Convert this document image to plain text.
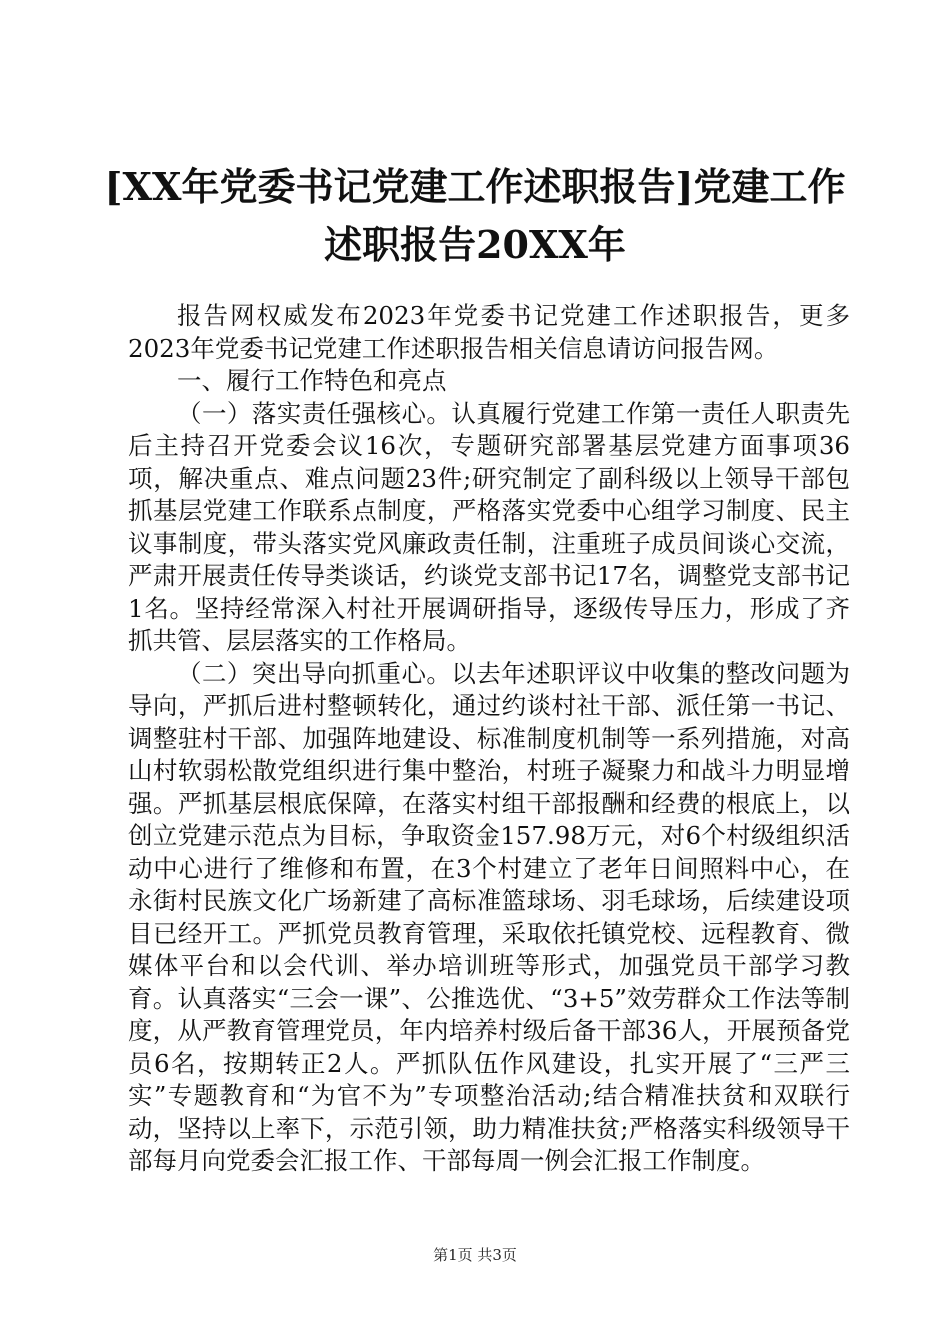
[XX年党委书记党建工作述职报告]党建工作
述职报告20XX年

报告网权威发布2023年党委书记党建工作述职报告，更多2023年党委书记党建工作述职报告相关信息请访问报告网。

一、履行工作特色和亮点

（一）落实责任强核心。认真履行党建工作第一责任人职责先后主持召开党委会议16次，专题研究部署基层党建方面事项36项，解决重点、难点问题23件;研究制定了副科级以上领导干部包抓基层党建工作联系点制度，严格落实党委中心组学习制度、民主议事制度，带头落实党风廉政责任制，注重班子成员间谈心交流，严肃开展责任传导类谈话，约谈党支部书记17名，调整党支部书记1名。坚持经常深入村社开展调研指导，逐级传导压力，形成了齐抓共管、层层落实的工作格局。

（二）突出导向抓重心。以去年述职评议中收集的整改问题为导向，严抓后进村整顿转化，通过约谈村社干部、派任第一书记、调整驻村干部、加强阵地建设、标准制度机制等一系列措施，对高山村软弱松散党组织进行集中整治，村班子凝聚力和战斗力明显增强。严抓基层根底保障，在落实村组干部报酬和经费的根底上，以创立党建示范点为目标，争取资金157.98万元，对6个村级组织活动中心进行了维修和布置，在3个村建立了老年日间照料中心，在永街村民族文化广场新建了高标准篮球场、羽毛球场，后续建设项目已经开工。严抓党员教育管理，采取依托镇党校、远程教育、微媒体平台和以会代训、举办培训班等形式，加强党员干部学习教育。认真落实“三会一课”、公推选优、“3+5”效劳群众工作法等制度，从严教育管理党员，年内培养村级后备干部36人，开展预备党员6名，按期转正2人。严抓队伍作风建设，扎实开展了“三严三实”专题教育和“为官不为”专项整治活动;结合精准扶贫和双联行动，坚持以上率下，示范引领，助力精准扶贫;严格落实科级领导干部每月向党委会汇报工作、干部每周一例会汇报工作制度。

第1页 共3页
